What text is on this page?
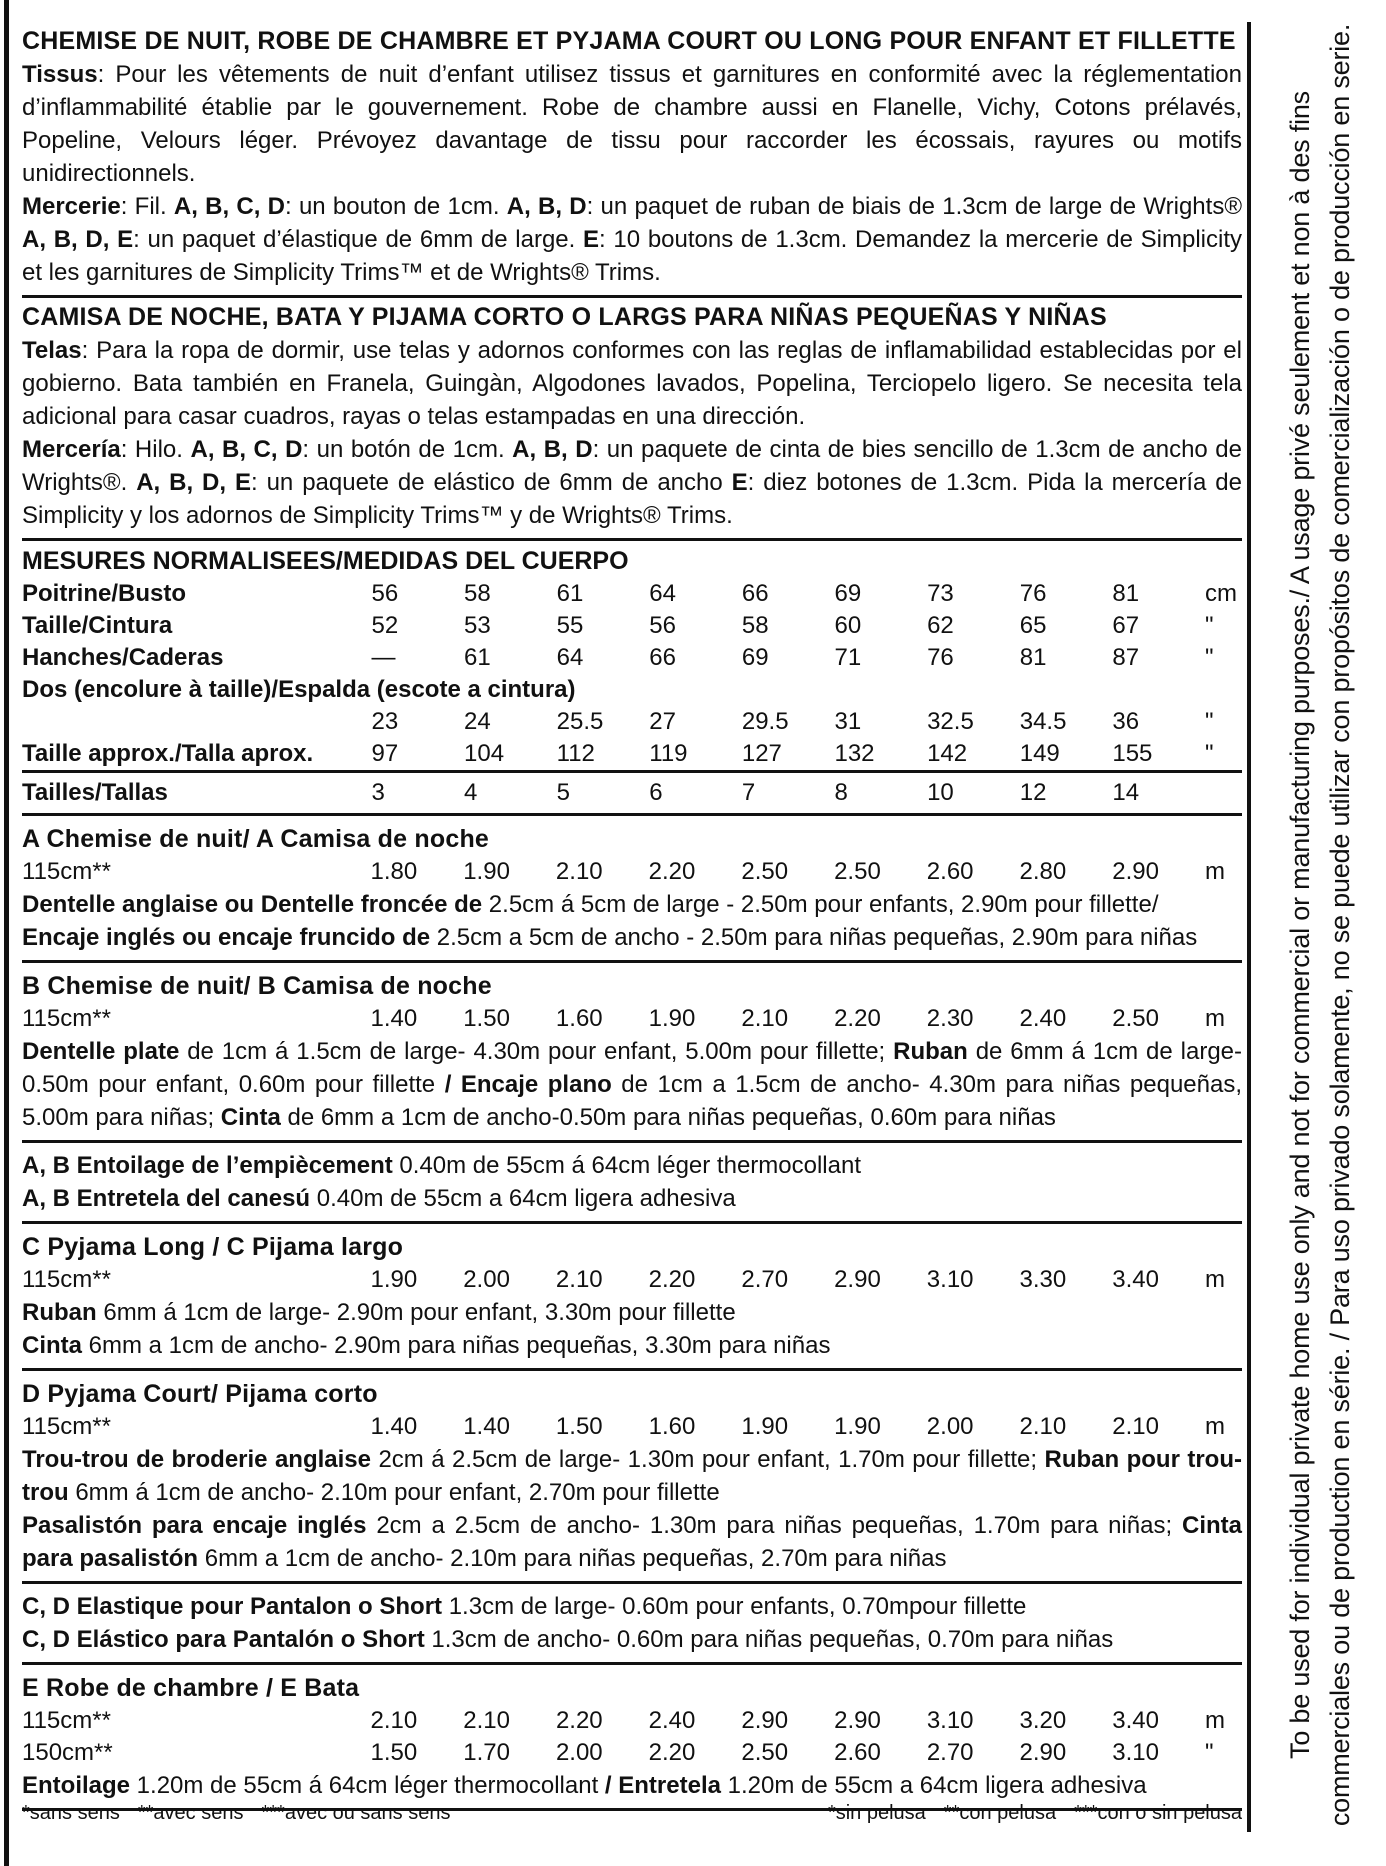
CHEMISE DE NUIT, ROBE DE CHAMBRE ET PYJAMA COURT OU LONG POUR ENFANT ET FILLETTE

Tissus: Pour les vêtements de nuit d’enfant utilisez tissus et garnitures en conformité avec la réglementation d’inflammabilité établie par le gouvernement. Robe de chambre aussi en Flanelle, Vichy, Cotons prélavés, Popeline, Velours léger. Prévoyez davantage de tissu pour raccorder les écossais, rayures ou motifs unidirectionnels.

Mercerie: Fil. A, B, C, D: un bouton de 1cm. A, B, D: un paquet de ruban de biais de 1.3cm de large de Wrights® A, B, D, E: un paquet d’élastique de 6mm de large. E: 10 boutons de 1.3cm. Demandez la mercerie de Simplicity et les garnitures de Simplicity Trims™ et de Wrights® Trims.

CAMISA DE NOCHE, BATA Y PIJAMA CORTO O LARGS PARA NIÑAS PEQUEÑAS Y NIÑAS

Telas: Para la ropa de dormir, use telas y adornos conformes con las reglas de inflamabilidad establecidas por el gobierno. Bata también en Franela, Guingàn, Algodones lavados, Popelina, Terciopelo ligero. Se necesita tela adicional para casar cuadros, rayas o telas estampadas en una dirección.

Mercería: Hilo. A, B, C, D: un botón de 1cm. A, B, D: un paquete de cinta de bies sencillo de 1.3cm de ancho de Wrights®. A, B, D, E: un paquete de elástico de 6mm de ancho E: diez botones de 1.3cm. Pida la mercería de Simplicity y los adornos de Simplicity Trims™ y de Wrights® Trims.

MESURES NORMALISEES/MEDIDAS DEL CUERPO
Poitrine/Busto	56	58	61	64	66	69	73	76	81	cm
Taille/Cintura	52	53	55	56	58	60	62	65	67	"
Hanches/Caderas	—	61	64	66	69	71	76	81	87	"
Dos (encolure à taille)/Espalda (escote a cintura)										
	23	24	25.5	27	29.5	31	32.5	34.5	36	"
Taille approx./Talla aprox.	97	104	112	119	127	132	142	149	155	"
Tailles/Tallas	3	4	5	6	7	8	10	12	14	
A Chemise de nuit/ A Camisa de noche
115cm**	1.80	1.90	2.10	2.20	2.50	2.50	2.60	2.80	2.90	m

Dentelle anglaise ou Dentelle froncée de 2.5cm á 5cm de large - 2.50m pour enfants, 2.90m pour fillette/

Encaje inglés ou encaje fruncido de 2.5cm a 5cm de ancho - 2.50m para niñas pequeñas, 2.90m para niñas

B Chemise de nuit/ B Camisa de noche
115cm**	1.40	1.50	1.60	1.90	2.10	2.20	2.30	2.40	2.50	m

Dentelle plate de 1cm á 1.5cm de large- 4.30m pour enfant, 5.00m pour fillette; Ruban de 6mm á 1cm de large- 0.50m pour enfant, 0.60m pour fillette / Encaje plano de 1cm a 1.5cm de ancho- 4.30m para niñas pequeñas, 5.00m para niñas; Cinta de 6mm a 1cm de ancho-0.50m para niñas pequeñas, 0.60m para niñas

A, B Entoilage de l’empiècement 0.40m de 55cm á 64cm léger thermocollant

A, B Entretela del canesú 0.40m de 55cm a 64cm ligera adhesiva

C Pyjama Long / C Pijama largo
115cm**	1.90	2.00	2.10	2.20	2.70	2.90	3.10	3.30	3.40	m

Ruban 6mm á 1cm de large- 2.90m pour enfant, 3.30m pour fillette

Cinta 6mm a 1cm de ancho- 2.90m para niñas pequeñas, 3.30m para niñas

D Pyjama Court/ Pijama corto
115cm**	1.40	1.40	1.50	1.60	1.90	1.90	2.00	2.10	2.10	m

Trou-trou de broderie anglaise 2cm á 2.5cm de large- 1.30m pour enfant, 1.70m pour fillette; Ruban pour trou-trou 6mm á 1cm de ancho- 2.10m pour enfant, 2.70m pour fillette

Pasalistón para encaje inglés 2cm a 2.5cm de ancho- 1.30m para niñas pequeñas, 1.70m para niñas; Cinta para pasalistón 6mm a 1cm de ancho- 2.10m para niñas pequeñas, 2.70m para niñas

C, D Elastique pour Pantalon o Short 1.3cm de large- 0.60m pour enfants, 0.70mpour fillette

C, D Elástico para Pantalón o Short 1.3cm de ancho- 0.60m para niñas pequeñas, 0.70m para niñas

E Robe de chambre / E Bata
115cm**	2.10	2.10	2.20	2.40	2.90	2.90	3.10	3.20	3.40	m
150cm**	1.50	1.70	2.00	2.20	2.50	2.60	2.70	2.90	3.10	"

Entoilage 1.20m de 55cm á 64cm léger thermocollant / Entretela 1.20m de 55cm a 64cm ligera adhesiva

*sans sens **avec sens ***avec ou sans sens	*sin pelusa **con pelusa ***con o sin pelusa
To be used for individual private home use only and not for commercial or manufacturing purposes./ A usage privé seulement et non à des fins commerciales ou de production en série. / Para uso privado solamente, no se puede utilizar con propósitos de comercialización o de producción en serie.
